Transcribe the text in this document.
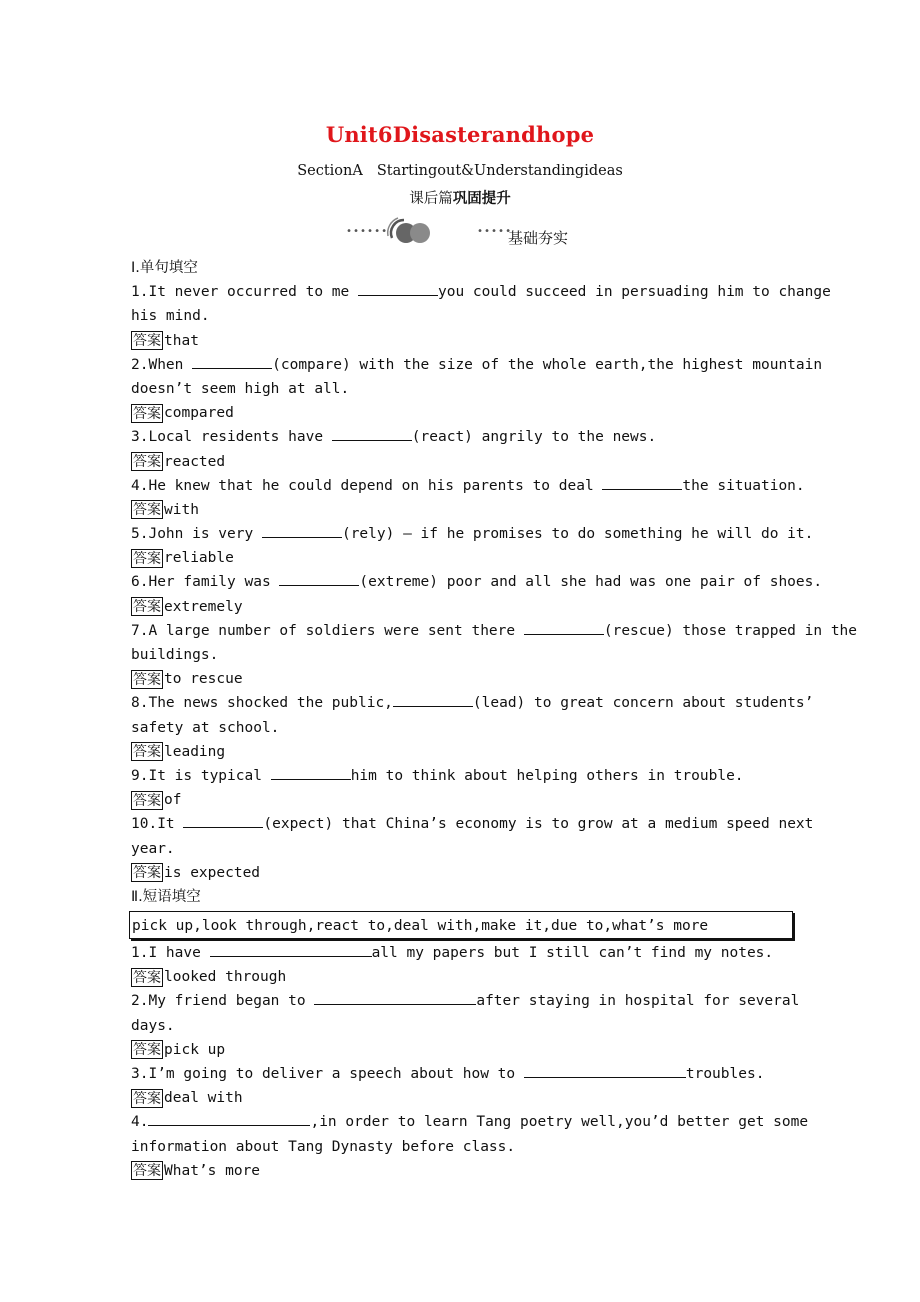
Unit6Disasterandhope
SectionA Startingout&Understandingideas
课后篇巩固提升
••••••	•••••
基础夯实
Ⅰ.单句填空
1.It never occurred to me	you could succeed in persuading him to change
his mind.
答案 that
2.When	(compare) with the size of the whole earth,the highest mountain
doesn’t seem high at all.
答案 compared
3.Local residents have	(react) angrily to the news.
答案 reacted
4.He knew that he could depend on his parents to deal	the situation.
答案 with
5.John is very	(rely) — if he promises to do something he will do it.
答案 reliable
6.Her family was	(extreme) poor and all she had was one pair of shoes.
答案 extremely
7.A large number of soldiers were sent there	(rescue) those trapped in the
buildings.
答案 to rescue
8.The news shocked the public,	(lead) to great concern about students’
safety at school.
答案 leading
9.It is typical	him to think about helping others in trouble.
答案 of
10.It	(expect) that China’s economy is to grow at a medium speed next
year.
答案 is expected
Ⅱ.短语填空
pick up,look through,react to,deal with,make it,due to,what’s more
1.I have	all my papers but I still can’t find my notes.
答案 looked through
2.My friend began to	after staying in hospital for several
days.
答案 pick up
3.I’m going to deliver a speech about how to	troubles.
答案 deal with
4.	,in order to learn Tang poetry well,you’d better get some
information about Tang Dynasty before class.
答案 What’s more
